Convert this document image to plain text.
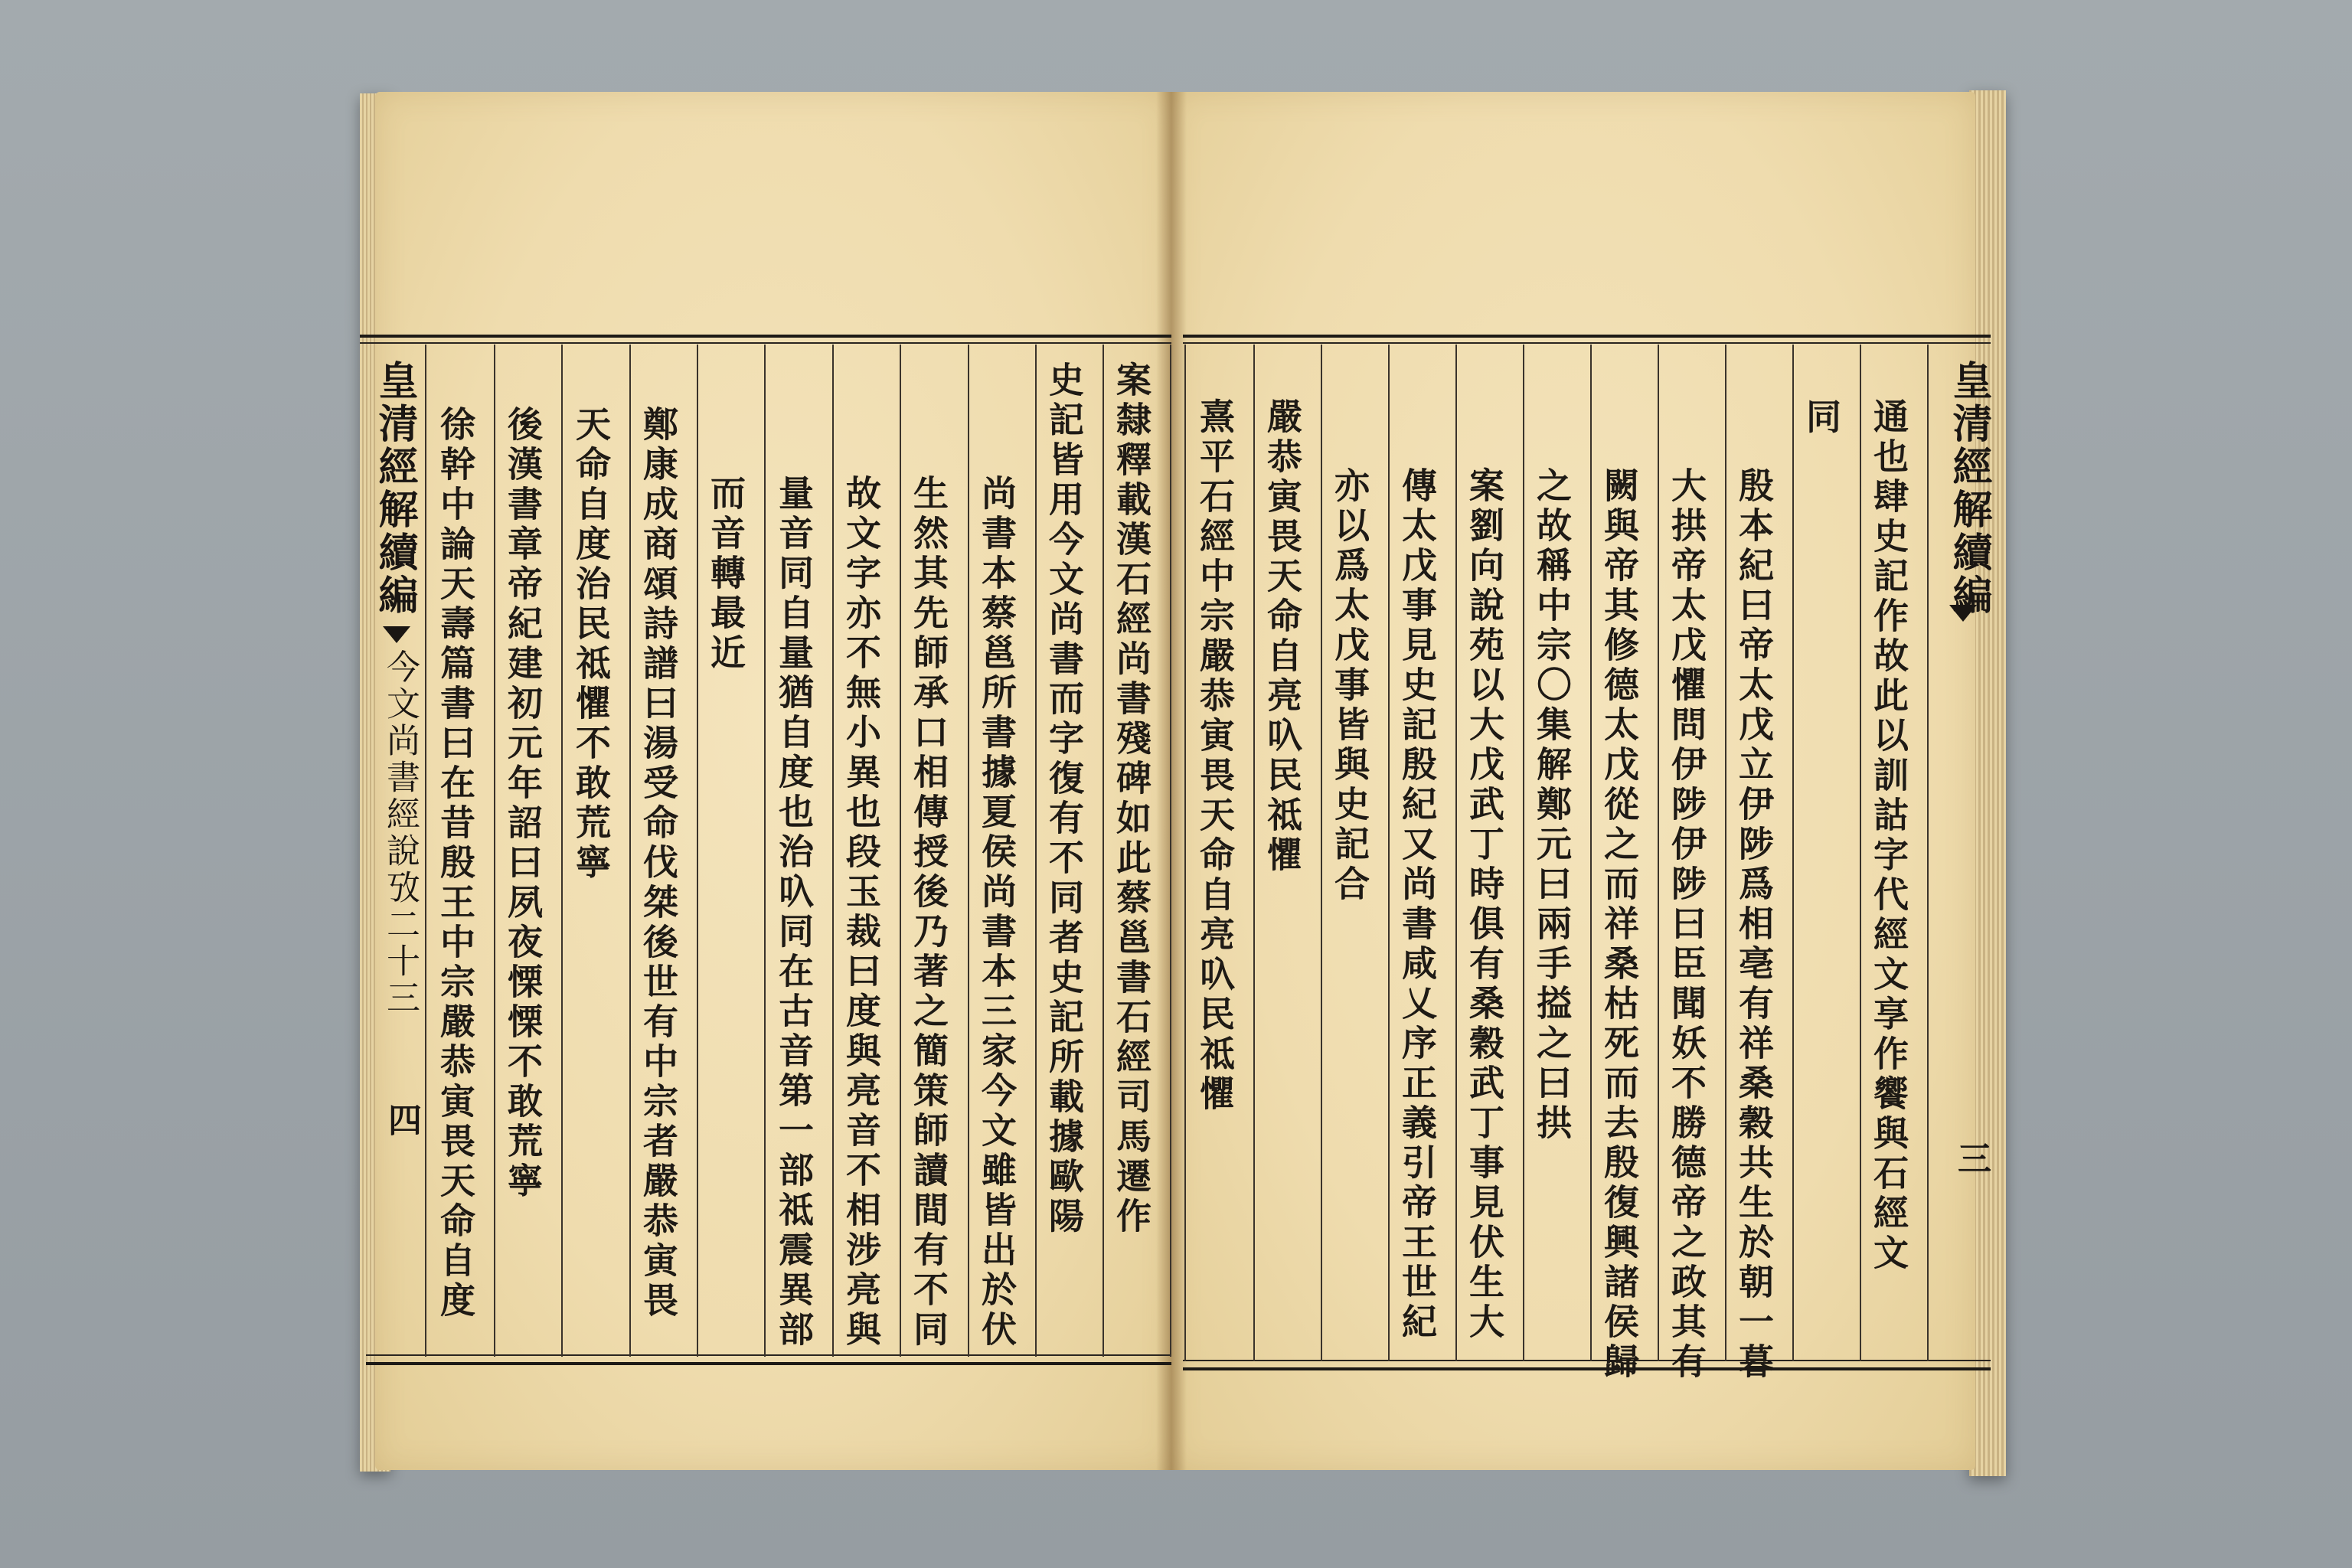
皇清經解續編
今文尚書經說攷二十三
四	案隸釋載漢石經尚書殘碑如此蔡邕書石經司馬遷作
史記皆用今文尚書而字復有不同者史記所載據歐陽
尚書本蔡邕所書據夏侯尚書本三家今文雖皆出於伏
生然其先師承口相傳授後乃著之簡策師讀間有不同
故文字亦不無小異也段玉裁曰度與亮音不相涉亮與
量音同自量猶自度也治叺同在古音第一部祗震異部
而音轉最近
鄭康成商頌詩譜曰湯受命伐桀後世有中宗者嚴恭寅畏
天命自度治民祗懼不敢荒寧
後漢書章帝紀建初元年詔曰夙夜慄慄不敢荒寧
徐幹中論天壽篇書曰在昔殷王中宗嚴恭寅畏天命自度	通也肆史記作故此以訓詁字代經文享作饗與石經文
同
殷本紀曰帝太戊立伊陟爲相亳有祥桑穀共生於朝一暮
大拱帝太戊懼問伊陟伊陟曰臣聞妖不勝德帝之政其有
闕與帝其修德太戊從之而祥桑枯死而去殷復興諸侯歸
之故稱中宗〇集解鄭元曰兩手搤之曰拱
案劉向說苑以大戊武丁時俱有桑穀武丁事見伏生大
傳太戊事見史記殷紀又尚書咸乂序正義引帝王世紀
亦以爲太戊事皆與史記合
嚴恭寅畏天命自亮叺民祗懼
熹平石經中宗嚴恭寅畏天命自亮叺民祗懼	皇清經解續編
三
